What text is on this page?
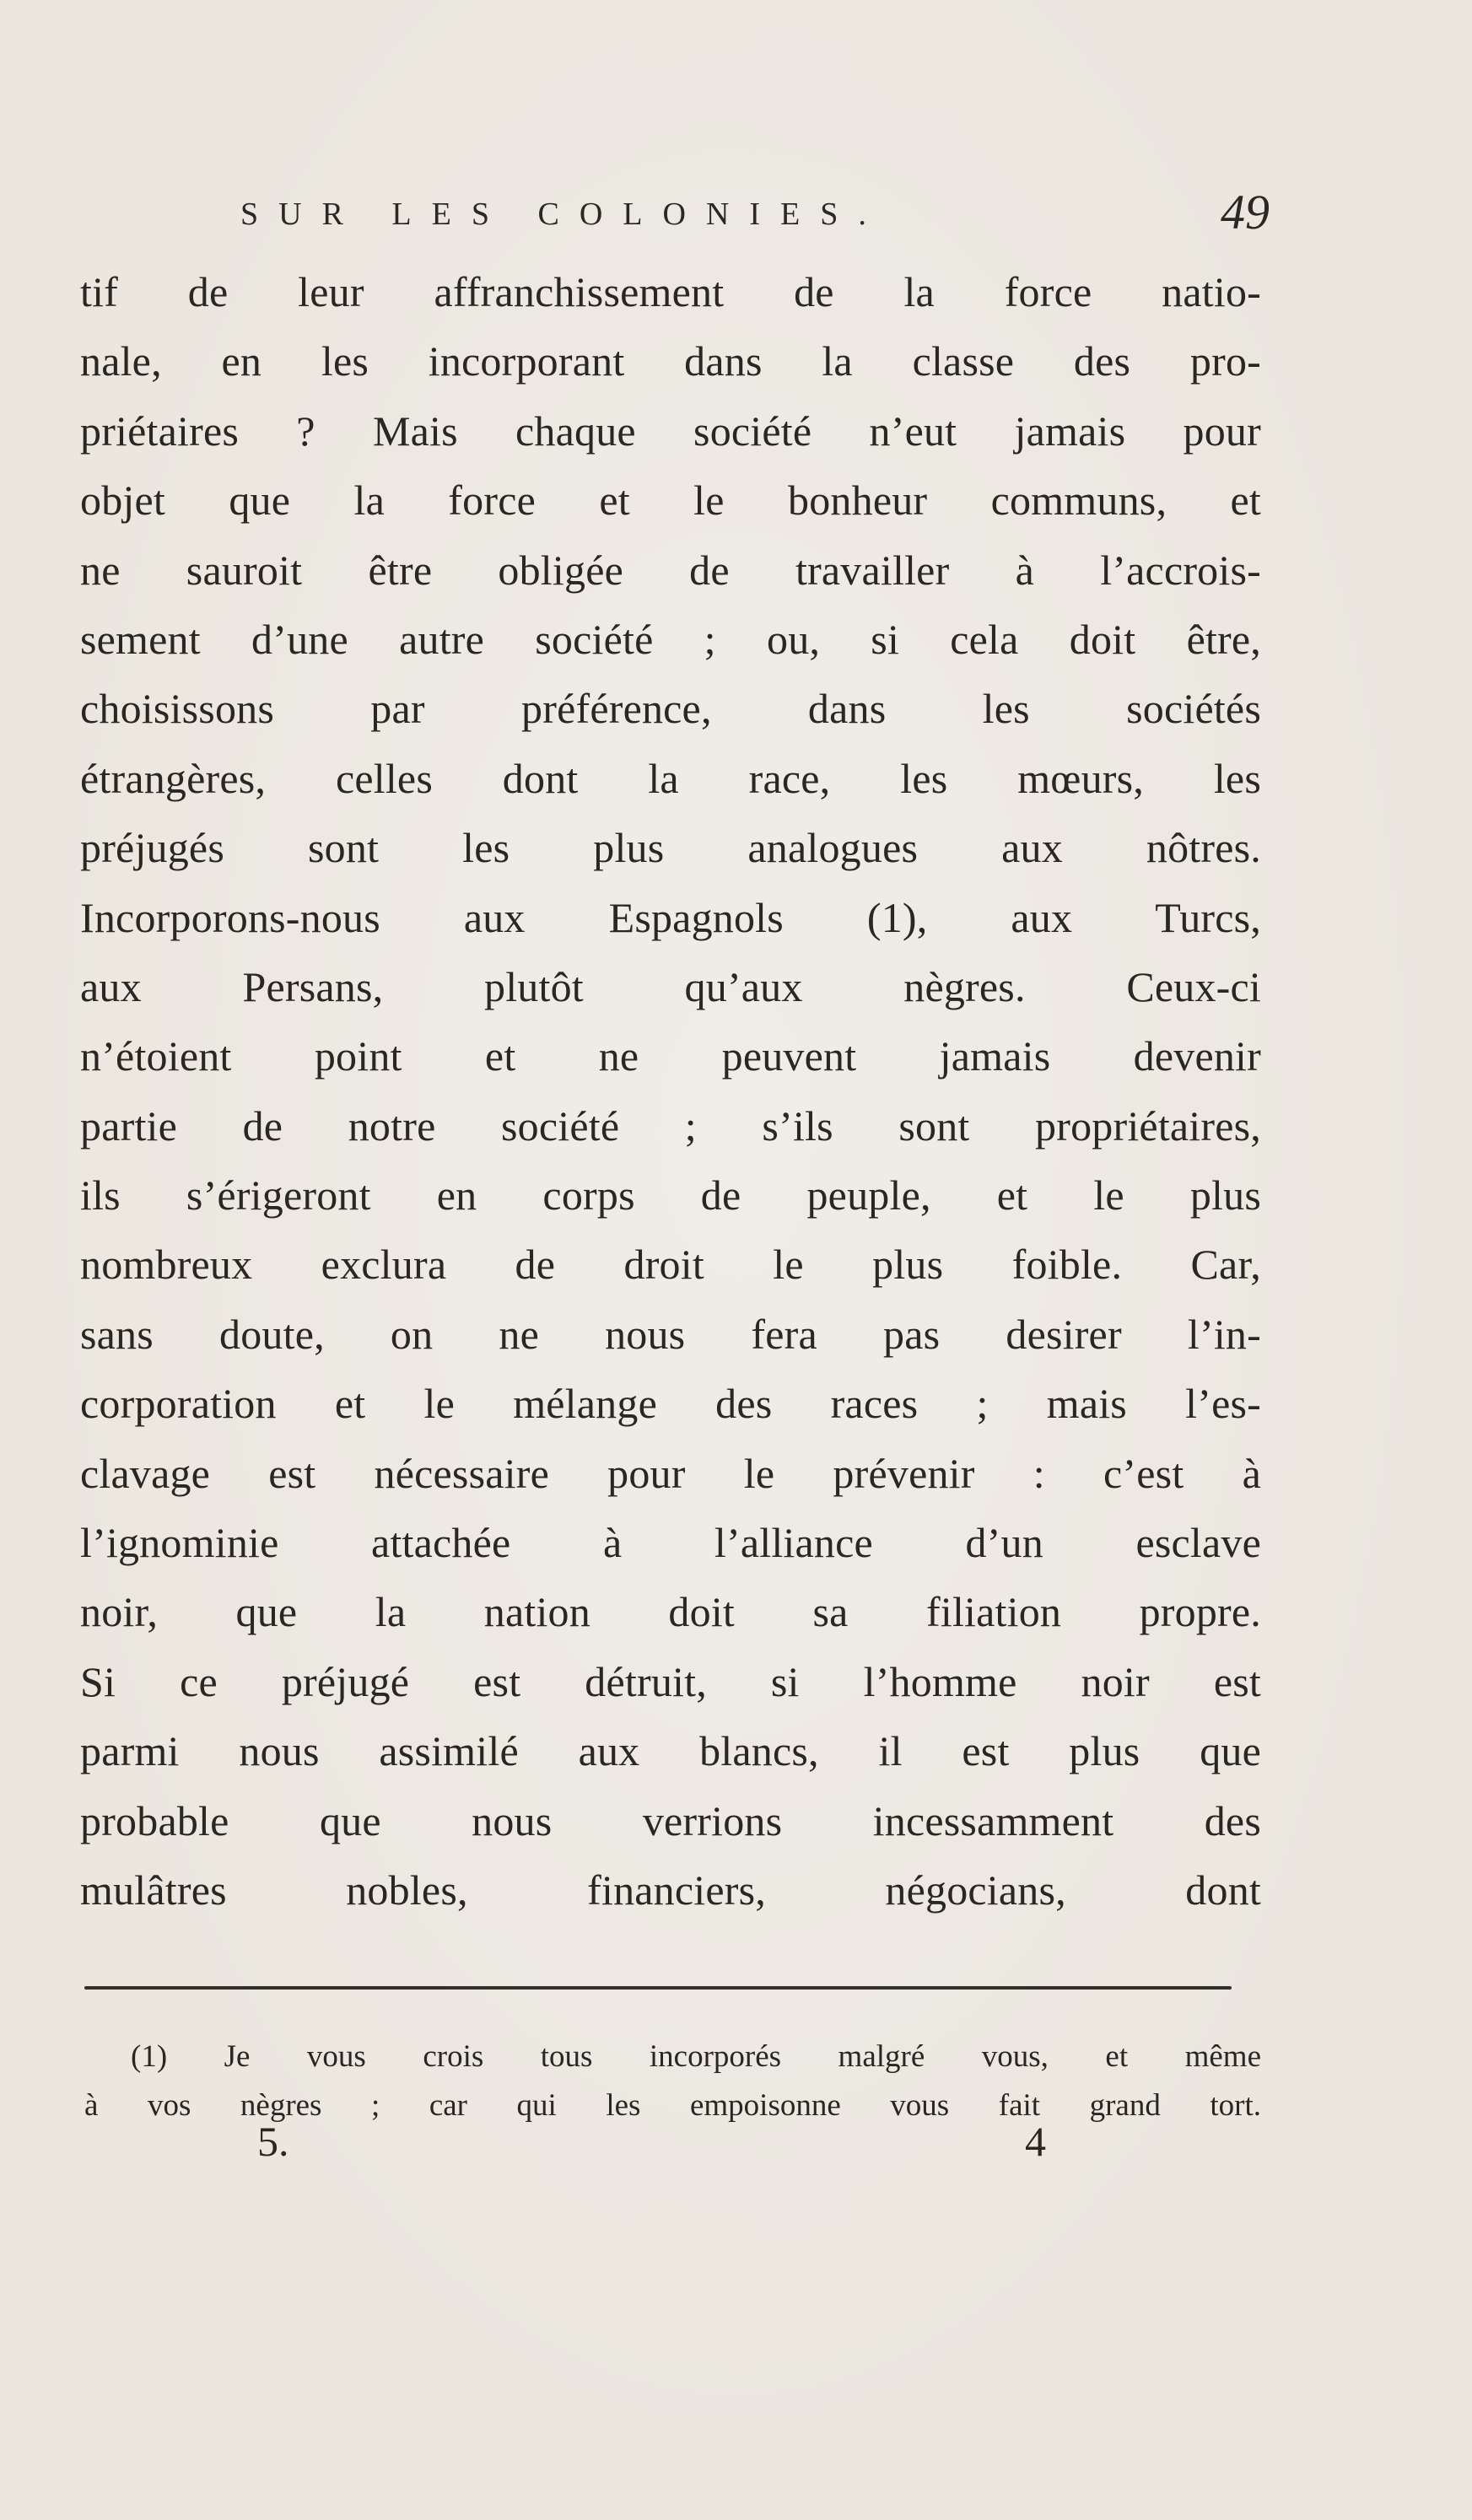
SUR LES COLONIES.	49
tif de leur affranchissement de la force natio-
nale, en les incorporant dans la classe des pro-
priétaires ? Mais chaque société n’eut jamais pour
objet que la force et le bonheur communs, et
ne sauroit être obligée de travailler à l’accrois-
sement d’une autre société ; ou, si cela doit être,
choisissons par préférence, dans les sociétés
étrangères, celles dont la race, les mœurs, les
préjugés sont les plus analogues aux nôtres.
Incorporons-nous aux Espagnols (1), aux Turcs,
aux Persans, plutôt qu’aux nègres. Ceux-ci
n’étoient point et ne peuvent jamais devenir
partie de notre société ; s’ils sont propriétaires,
ils s’érigeront en corps de peuple, et le plus
nombreux exclura de droit le plus foible. Car,
sans doute, on ne nous fera pas desirer l’in-
corporation et le mélange des races ; mais l’es-
clavage est nécessaire pour le prévenir : c’est à
l’ignominie attachée à l’alliance d’un esclave
noir, que la nation doit sa filiation propre.
Si ce préjugé est détruit, si l’homme noir est
parmi nous assimilé aux blancs, il est plus que
probable que nous verrions incessamment des
mulâtres nobles, financiers, négocians, dont
(1) Je vous crois tous incorporés malgré vous, et même
à vos nègres ; car qui les empoisonne vous fait grand tort.
5.	4
